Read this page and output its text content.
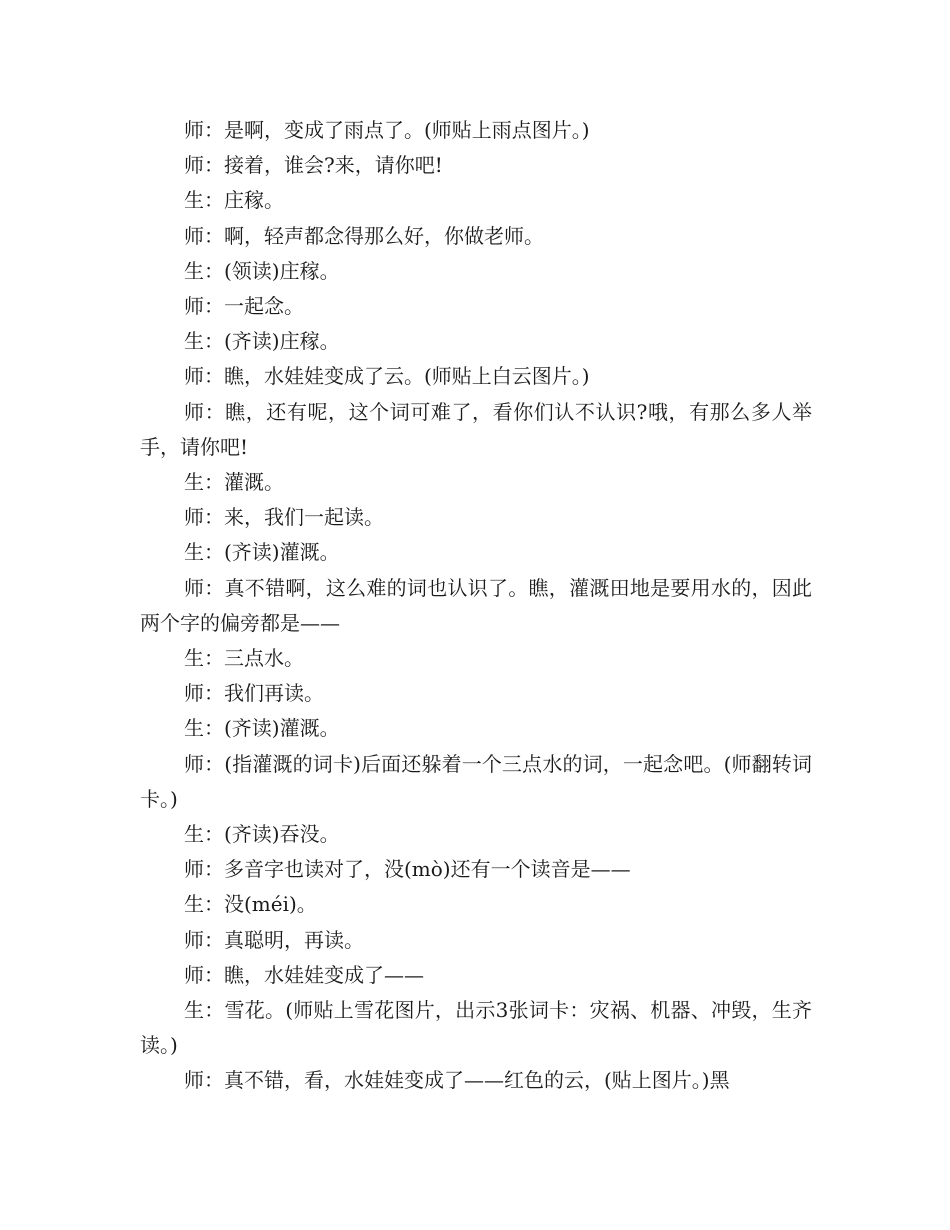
师：是啊，变成了雨点了。(师贴上雨点图片。)

师：接着，谁会?来，请你吧!

生：庄稼。

师：啊，轻声都念得那么好，你做老师。

生：(领读)庄稼。

师：一起念。

生：(齐读)庄稼。

师：瞧，水娃娃变成了云。(师贴上白云图片。)

师：瞧，还有呢，这个词可难了，看你们认不认识?哦，有那么多人举手，请你吧!

生：灌溉。

师：来，我们一起读。

生：(齐读)灌溉。

师：真不错啊，这么难的词也认识了。瞧，灌溉田地是要用水的，因此两个字的偏旁都是——

生：三点水。

师：我们再读。

生：(齐读)灌溉。

师：(指灌溉的词卡)后面还躲着一个三点水的词，一起念吧。(师翻转词卡。)

生：(齐读)吞没。

师：多音字也读对了，没(mò)还有一个读音是——

生：没(méi)。

师：真聪明，再读。

师：瞧，水娃娃变成了——

生：雪花。(师贴上雪花图片，出示3张词卡：灾祸、机器、冲毁，生齐读。)

师：真不错，看，水娃娃变成了——红色的云，(贴上图片。)黑
